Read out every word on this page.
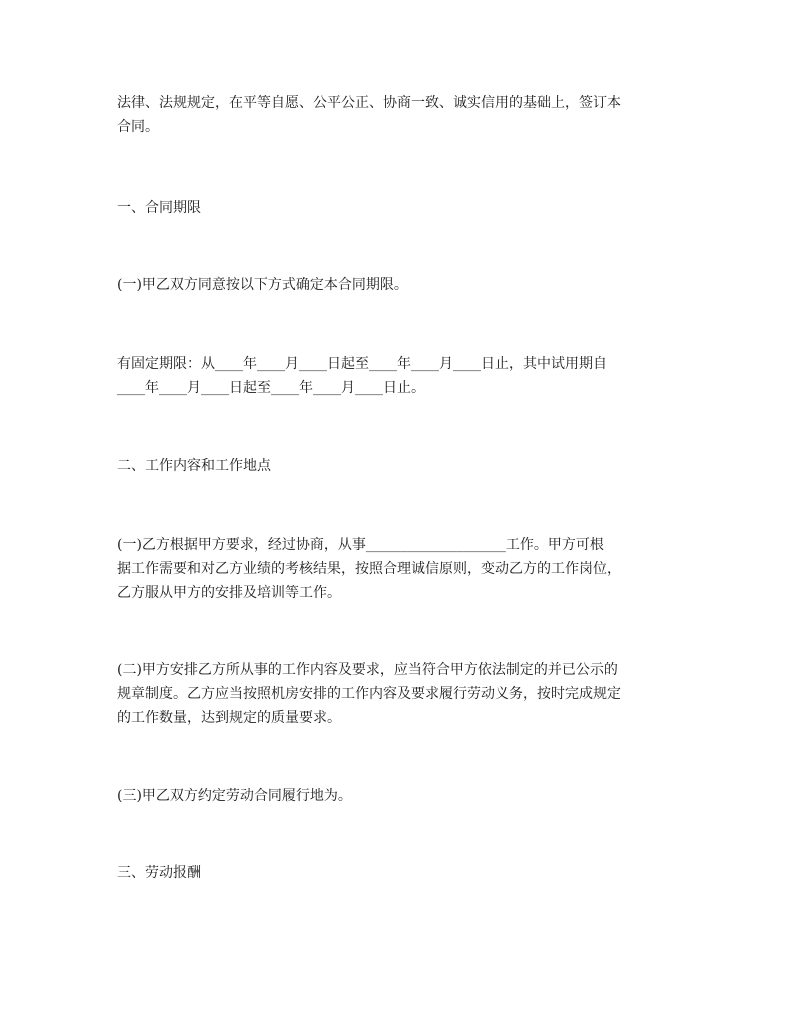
法律、法规规定，在平等自愿、公平公正、协商一致、诚实信用的基础上，签订本
合同。

一、合同期限

(一)甲乙双方同意按以下方式确定本合同期限。

有固定期限：从____年____月____日起至____年____月____日止，其中试用期自
____年____月____日起至____年____月____日止。

二、工作内容和工作地点

(一)乙方根据甲方要求，经过协商，从事____________________工作。甲方可根
据工作需要和对乙方业绩的考核结果，按照合理诚信原则，变动乙方的工作岗位，
乙方服从甲方的安排及培训等工作。

(二)甲方安排乙方所从事的工作内容及要求，应当符合甲方依法制定的并已公示的
规章制度。乙方应当按照机房安排的工作内容及要求履行劳动义务，按时完成规定
的工作数量，达到规定的质量要求。

(三)甲乙双方约定劳动合同履行地为。

三、劳动报酬
